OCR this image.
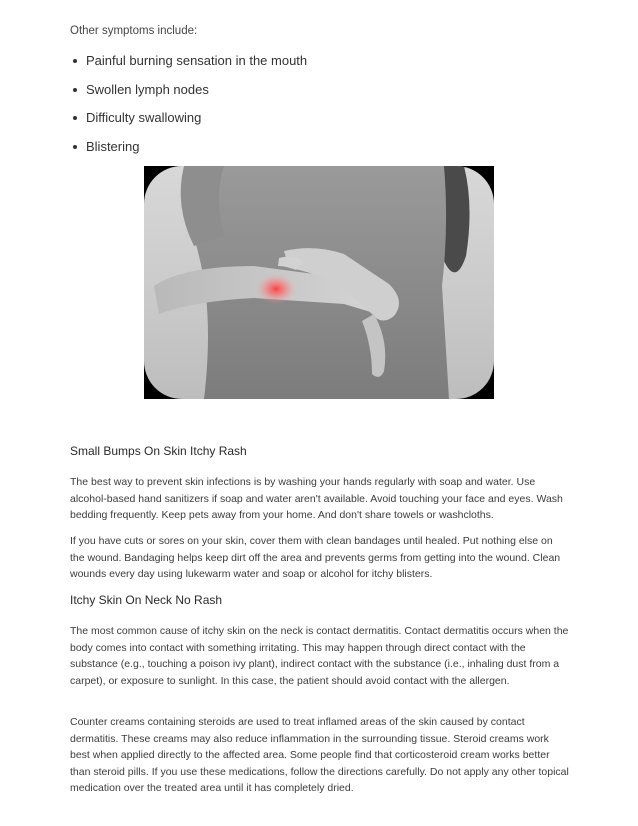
Other symptoms include:

Painful burning sensation in the mouth
Swollen lymph nodes
Difficulty swallowing
Blistering
Small Bumps On Skin Itchy Rash

The best way to prevent skin infections is by washing your hands regularly with soap and water. Use alcohol-based hand sanitizers if soap and water aren't available. Avoid touching your face and eyes. Wash bedding frequently. Keep pets away from your home. And don't share towels or washcloths.

If you have cuts or sores on your skin, cover them with clean bandages until healed. Put nothing else on the wound. Bandaging helps keep dirt off the area and prevents germs from getting into the wound. Clean wounds every day using lukewarm water and soap or alcohol for itchy blisters.

Itchy Skin On Neck No Rash

The most common cause of itchy skin on the neck is contact dermatitis. Contact dermatitis occurs when the body comes into contact with something irritating. This may happen through direct contact with the substance (e.g., touching a poison ivy plant), indirect contact with the substance (i.e., inhaling dust from a carpet), or exposure to sunlight. In this case, the patient should avoid contact with the allergen.

Counter creams containing steroids are used to treat inflamed areas of the skin caused by contact dermatitis. These creams may also reduce inflammation in the surrounding tissue. Steroid creams work best when applied directly to the affected area. Some people find that corticosteroid cream works better than steroid pills. If you use these medications, follow the directions carefully. Do not apply any other topical medication over the treated area until it has completely dried.
